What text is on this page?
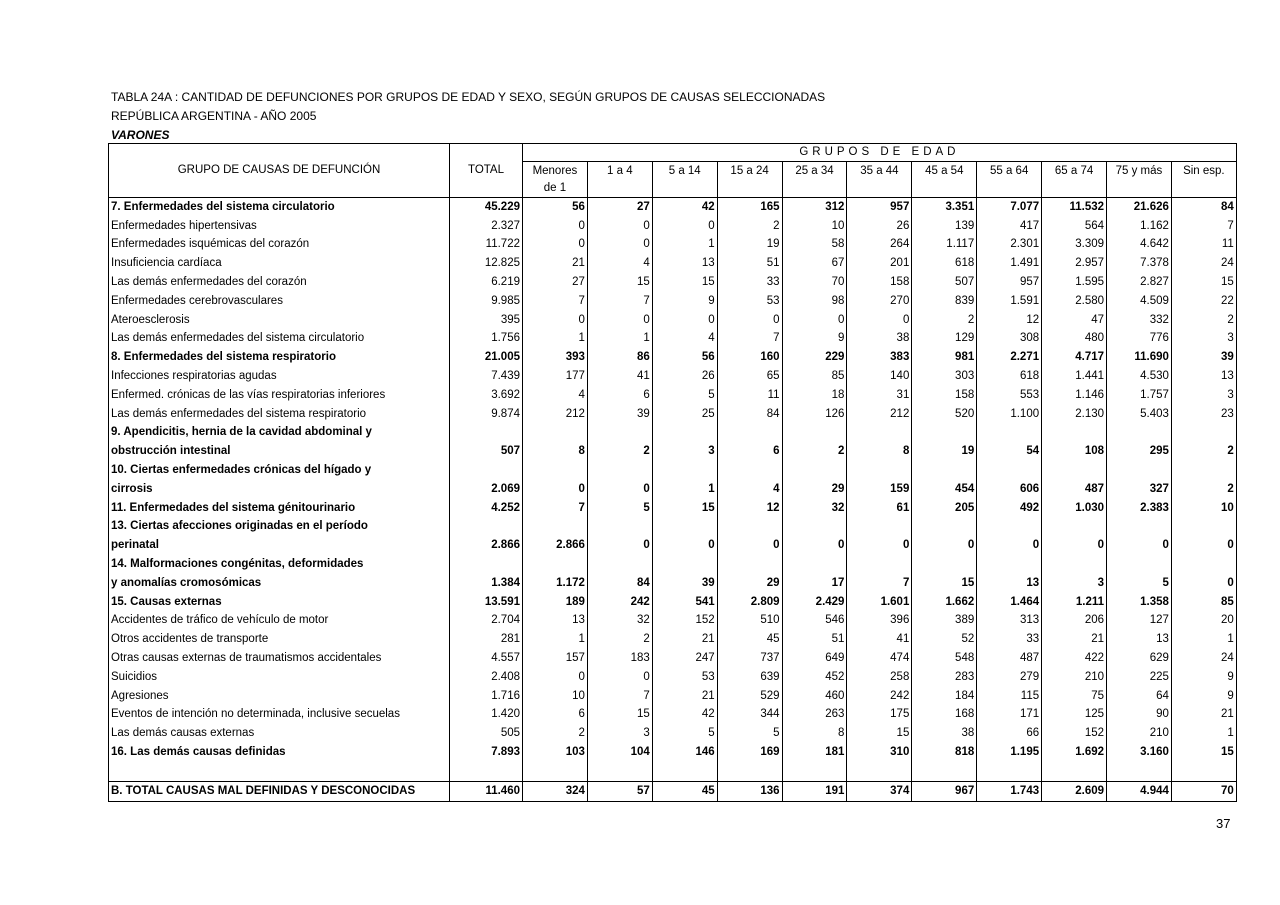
TABLA 24A : CANTIDAD DE DEFUNCIONES POR GRUPOS DE EDAD Y SEXO, SEGÚN GRUPOS DE CAUSAS SELECCIONADAS
REPÚBLICA ARGENTINA - AÑO 2005
VARONES
GRUPO DE CAUSAS DE DEFUNCIÓN	TOTAL	GRUPOS DE EDAD										
		Menores	1 a 4	5 a 14	15 a 24	25 a 34	35 a 44	45 a 54	55 a 64	65 a 74	75 y más	Sin esp.
		de 1										
7. Enfermedades del sistema circulatorio	45.229	56	27	42	165	312	957	3.351	7.077	11.532	21.626	84
Enfermedades hipertensivas	2.327	0	0	0	2	10	26	139	417	564	1.162	7
Enfermedades isquémicas del corazón	11.722	0	0	1	19	58	264	1.117	2.301	3.309	4.642	11
Insuficiencia cardíaca	12.825	21	4	13	51	67	201	618	1.491	2.957	7.378	24
Las demás enfermedades del corazón	6.219	27	15	15	33	70	158	507	957	1.595	2.827	15
Enfermedades cerebrovasculares	9.985	7	7	9	53	98	270	839	1.591	2.580	4.509	22
Ateroesclerosis	395	0	0	0	0	0	0	2	12	47	332	2
Las demás enfermedades del sistema circulatorio	1.756	1	1	4	7	9	38	129	308	480	776	3
8. Enfermedades del sistema respiratorio	21.005	393	86	56	160	229	383	981	2.271	4.717	11.690	39
Infecciones respiratorias agudas	7.439	177	41	26	65	85	140	303	618	1.441	4.530	13
Enfermed. crónicas de las vías respiratorias inferiores	3.692	4	6	5	11	18	31	158	553	1.146	1.757	3
Las demás enfermedades del sistema respiratorio	9.874	212	39	25	84	126	212	520	1.100	2.130	5.403	23
9. Apendicitis, hernia de la cavidad abdominal y												
obstrucción intestinal	507	8	2	3	6	2	8	19	54	108	295	2
10. Ciertas enfermedades crónicas del hígado y												
cirrosis	2.069	0	0	1	4	29	159	454	606	487	327	2
11. Enfermedades del sistema génitourinario	4.252	7	5	15	12	32	61	205	492	1.030	2.383	10
13. Ciertas afecciones originadas en el período												
perinatal	2.866	2.866	0	0	0	0	0	0	0	0	0	0
14. Malformaciones congénitas, deformidades												
y anomalías cromosómicas	1.384	1.172	84	39	29	17	7	15	13	3	5	0
15. Causas externas	13.591	189	242	541	2.809	2.429	1.601	1.662	1.464	1.211	1.358	85
Accidentes de tráfico de vehículo de motor	2.704	13	32	152	510	546	396	389	313	206	127	20
Otros accidentes de transporte	281	1	2	21	45	51	41	52	33	21	13	1
Otras causas externas de traumatismos accidentales	4.557	157	183	247	737	649	474	548	487	422	629	24
Suicidios	2.408	0	0	53	639	452	258	283	279	210	225	9
Agresiones	1.716	10	7	21	529	460	242	184	115	75	64	9
Eventos de intención no determinada, inclusive secuelas	1.420	6	15	42	344	263	175	168	171	125	90	21
Las demás causas externas	505	2	3	5	5	8	15	38	66	152	210	1
16. Las demás causas definidas	7.893	103	104	146	169	181	310	818	1.195	1.692	3.160	15

B. TOTAL CAUSAS MAL DEFINIDAS Y DESCONOCIDAS	11.460	324	57	45	136	191	374	967	1.743	2.609	4.944	70
37
